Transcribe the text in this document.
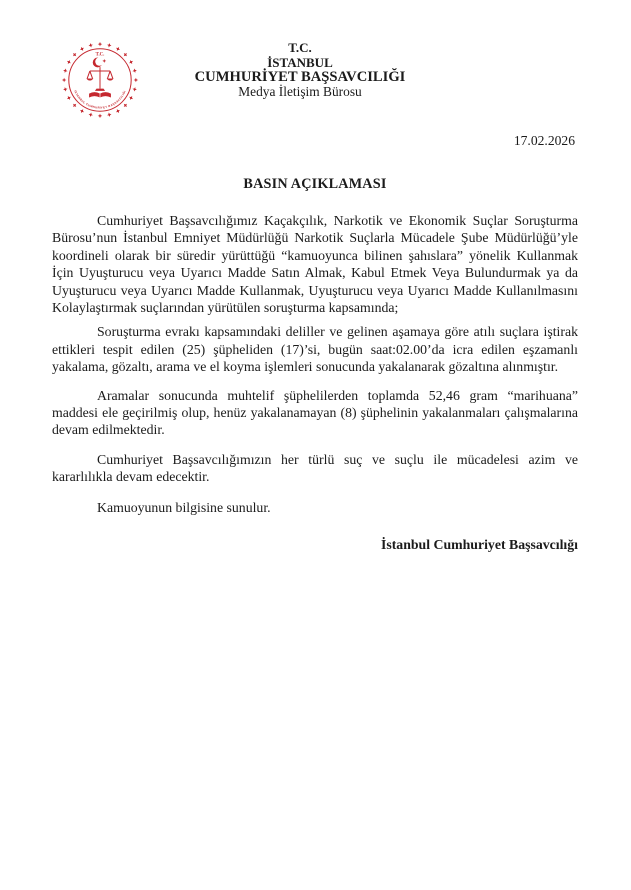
T.C.
İSTANBUL CUMHURİYET BAŞSAVCILIĞI
T.C.
İSTANBUL
CUMHURİYET BAŞSAVCILIĞI
Medya İletişim Bürosu
17.02.2026
BASIN AÇIKLAMASI

Cumhuriyet Başsavcılığımız Kaçakçılık, Narkotik ve Ekonomik Suçlar Soruşturma Bürosu’nun İstanbul Emniyet Müdürlüğü Narkotik Suçlarla Mücadele Şube Müdürlüğü’yle koordineli olarak bir süredir yürüttüğü “kamuoyunca bilinen şahıslara” yönelik Kullanmak İçin Uyuşturucu veya Uyarıcı Madde Satın Almak, Kabul Etmek Veya Bulundurmak ya da Uyuşturucu veya Uyarıcı Madde Kullanmak, Uyuşturucu veya Uyarıcı Madde Kullanılmasını Kolaylaştırmak suçlarından yürütülen soruşturma kapsamında;

Soruşturma evrakı kapsamındaki deliller ve gelinen aşamaya göre atılı suçlara iştirak ettikleri tespit edilen (25) şüpheliden (17)’si, bugün saat:02.00’da icra edilen eşzamanlı yakalama, gözaltı, arama ve el koyma işlemleri sonucunda yakalanarak gözaltına alınmıştır.

Aramalar sonucunda muhtelif şüphelilerden toplamda 52,46 gram “marihuana” maddesi ele geçirilmiş olup, henüz yakalanamayan (8) şüphelinin yakalanmaları çalışmalarına devam edilmektedir.

Cumhuriyet Başsavcılığımızın her türlü suç ve suçlu ile mücadelesi azim ve kararlılıkla devam edecektir.

Kamuoyunun bilgisine sunulur.

İstanbul Cumhuriyet Başsavcılığı
